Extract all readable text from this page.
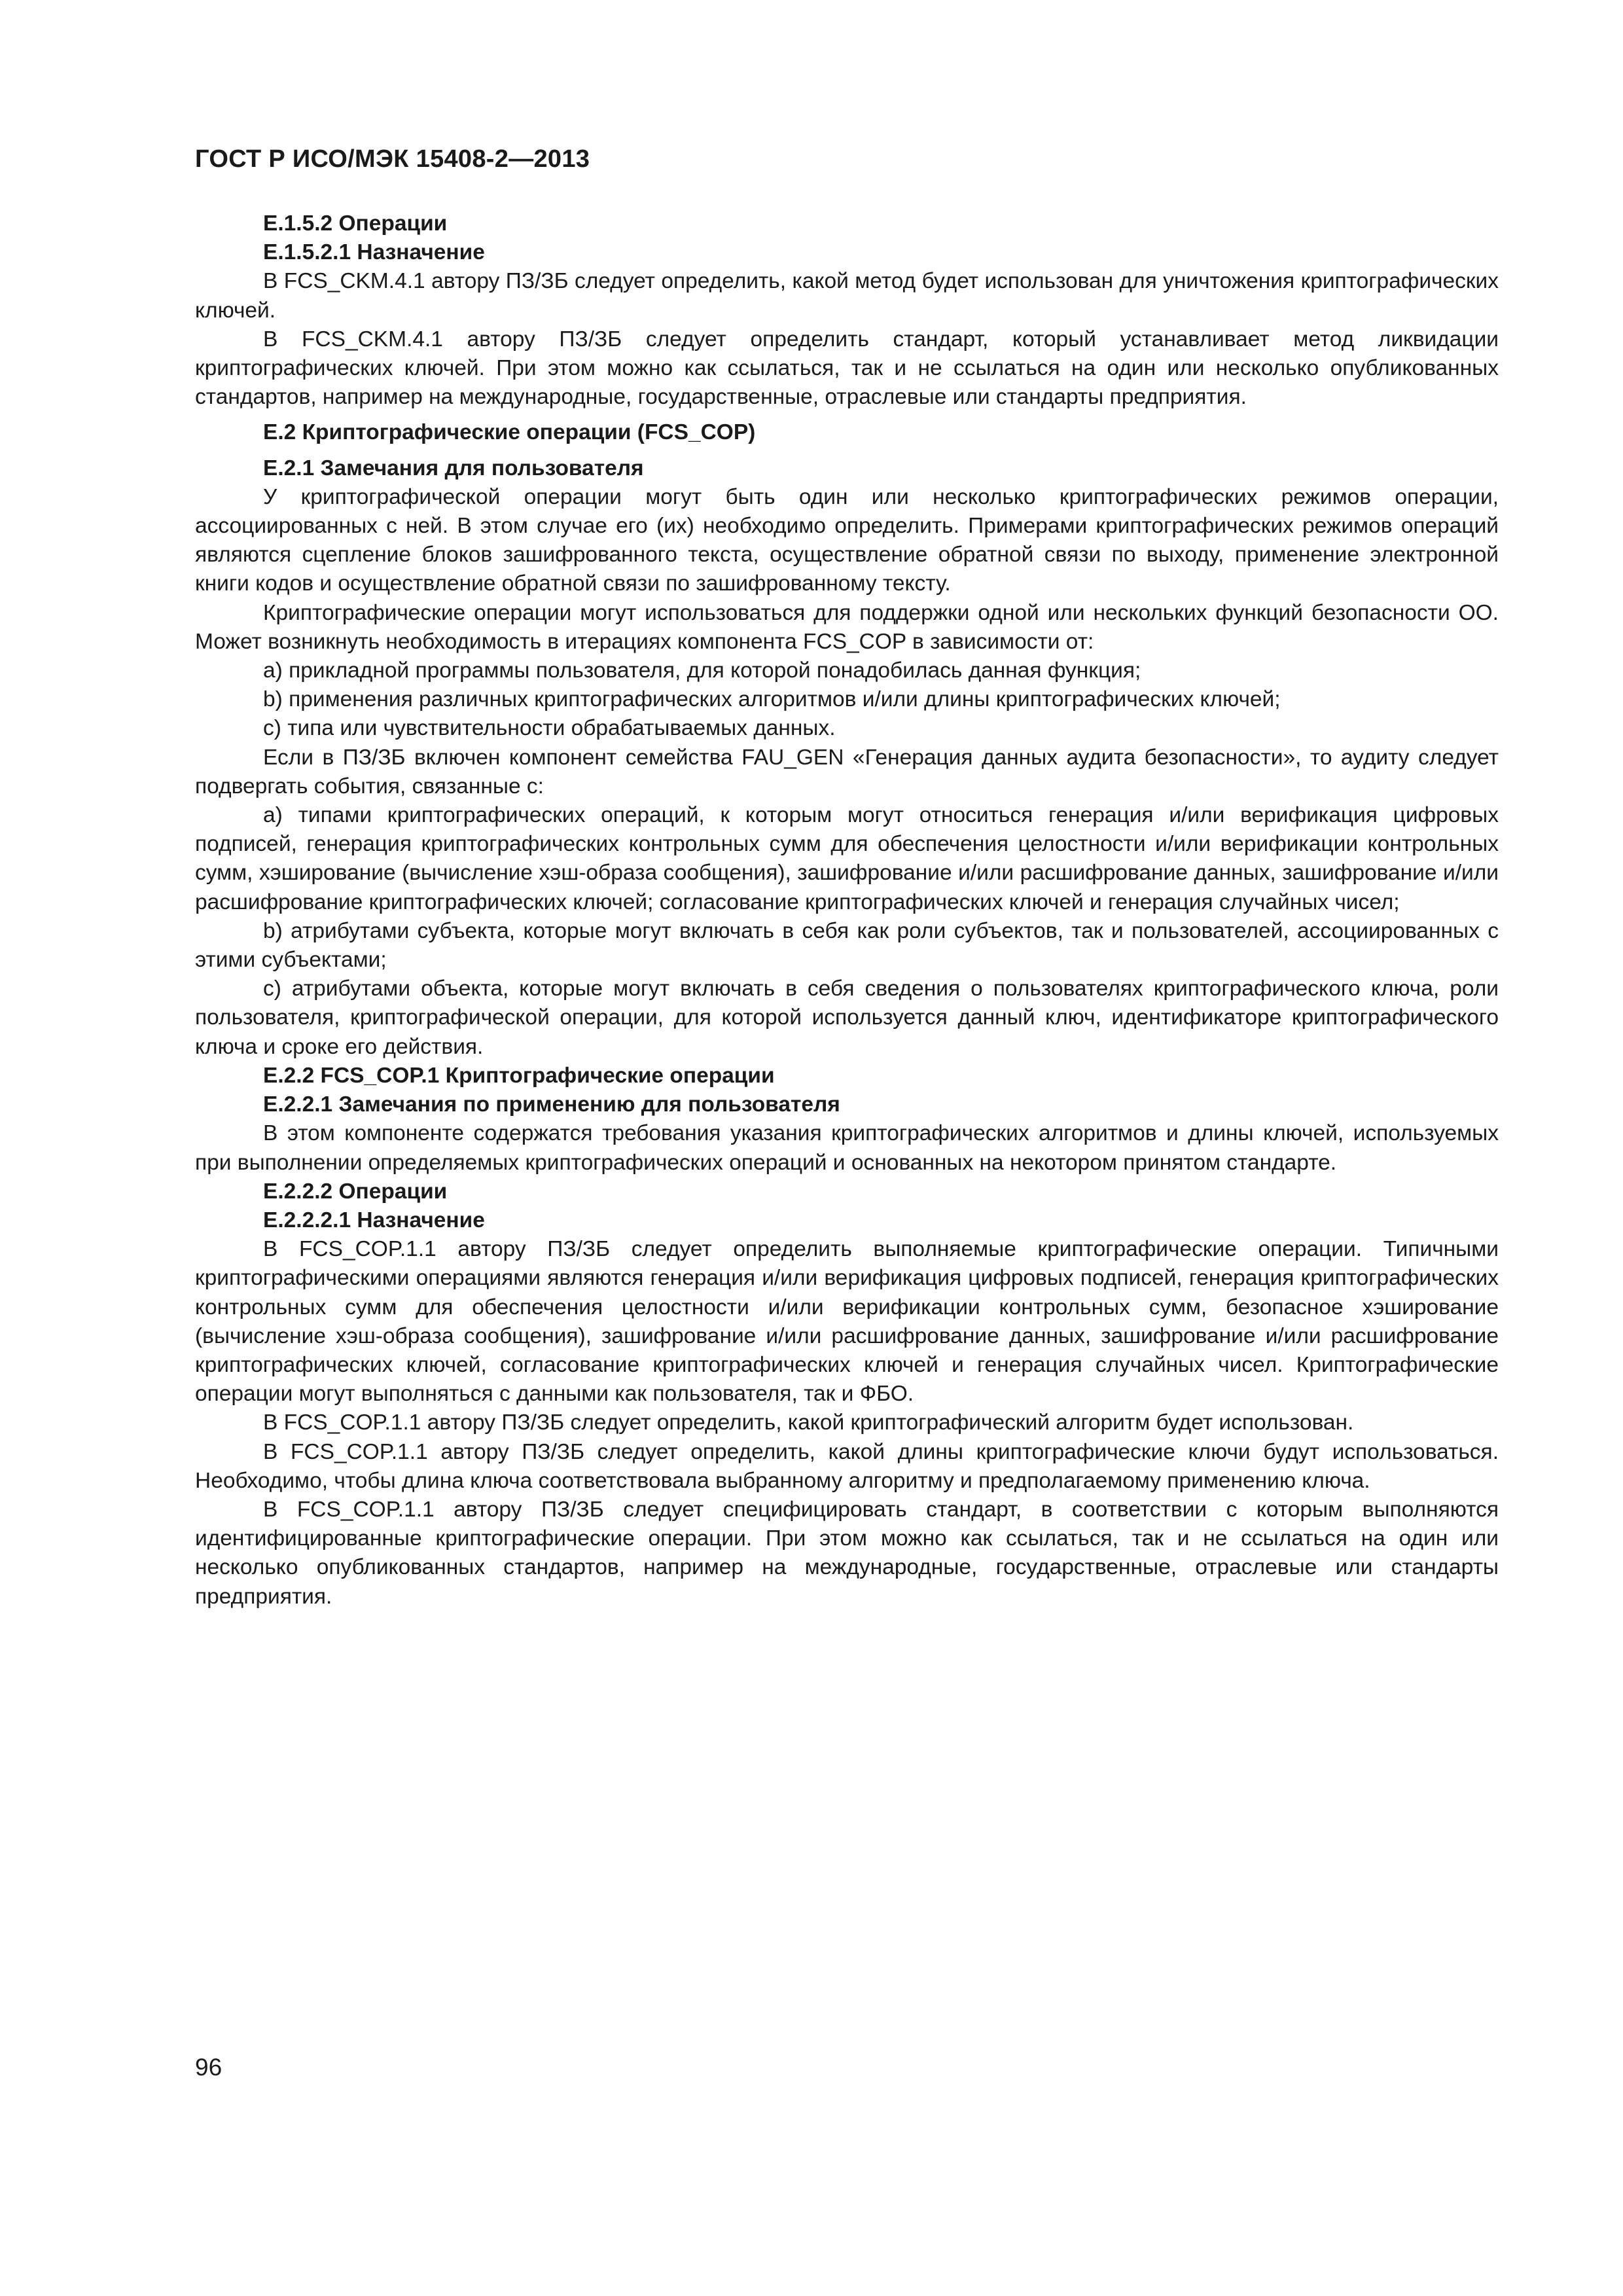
ГОСТ Р ИСО/МЭК 15408-2—2013

Е.1.5.2 Операции

Е.1.5.2.1 Назначение

В FCS_CKM.4.1 автору ПЗ/ЗБ следует определить, какой метод будет использован для уничтожения криптографических ключей.

В FCS_CKM.4.1 автору ПЗ/ЗБ следует определить стандарт, который устанавливает метод ликвидации криптографических ключей. При этом можно как ссылаться, так и не ссылаться на один или несколько опубликованных стандартов, например на международные, государственные, отраслевые или стандарты предприятия.

Е.2 Криптографические операции (FCS_COP)

Е.2.1 Замечания для пользователя

У криптографической операции могут быть один или несколько криптографических режимов операции, ассоциированных с ней. В этом случае его (их) необходимо определить. Примерами криптографических режимов операций являются сцепление блоков зашифрованного текста, осуществление обратной связи по выходу, применение электронной книги кодов и осуществление обратной связи по зашифрованному тексту.

Криптографические операции могут использоваться для поддержки одной или нескольких функций безопасности ОО. Может возникнуть необходимость в итерациях компонента FCS_COP в зависимости от:

a) прикладной программы пользователя, для которой понадобилась данная функция;

b) применения различных криптографических алгоритмов и/или длины криптографических ключей;

c) типа или чувствительности обрабатываемых данных.

Если в ПЗ/ЗБ включен компонент семейства FAU_GEN «Генерация данных аудита безопасности», то аудиту следует подвергать события, связанные с:

a) типами криптографических операций, к которым могут относиться генерация и/или верификация цифровых подписей, генерация криптографических контрольных сумм для обеспечения целостности и/или верификации контрольных сумм, хэширование (вычисление хэш-образа сообщения), зашифрование и/или расшифрование данных, зашифрование и/или расшифрование криптографических ключей; согласование криптографических ключей и генерация случайных чисел;

b) атрибутами субъекта, которые могут включать в себя как роли субъектов, так и пользователей, ассоциированных с этими субъектами;

c) атрибутами объекта, которые могут включать в себя сведения о пользователях криптографического ключа, роли пользователя, криптографической операции, для которой используется данный ключ, идентификаторе криптографического ключа и сроке его действия.

Е.2.2 FCS_COP.1 Криптографические операции

Е.2.2.1 Замечания по применению для пользователя

В этом компоненте содержатся требования указания криптографических алгоритмов и длины ключей, используемых при выполнении определяемых криптографических операций и основанных на некотором принятом стандарте.

Е.2.2.2 Операции

Е.2.2.2.1 Назначение

В FCS_COP.1.1 автору ПЗ/ЗБ следует определить выполняемые криптографические операции. Типичными криптографическими операциями являются генерация и/или верификация цифровых подписей, генерация криптографических контрольных сумм для обеспечения целостности и/или верификации контрольных сумм, безопасное хэширование (вычисление хэш-образа сообщения), зашифрование и/или расшифрование данных, зашифрование и/или расшифрование криптографических ключей, согласование криптографических ключей и генерация случайных чисел. Криптографические операции могут выполняться с данными как пользователя, так и ФБО.

В FCS_COP.1.1 автору ПЗ/ЗБ следует определить, какой криптографический алгоритм будет использован.

В FCS_COP.1.1 автору ПЗ/ЗБ следует определить, какой длины криптографические ключи будут использоваться. Необходимо, чтобы длина ключа соответствовала выбранному алгоритму и предполагаемому применению ключа.

В FCS_COP.1.1 автору ПЗ/ЗБ следует специфицировать стандарт, в соответствии с которым выполняются идентифицированные криптографические операции. При этом можно как ссылаться, так и не ссылаться на один или несколько опубликованных стандартов, например на международные, государственные, отраслевые или стандарты предприятия.

96
